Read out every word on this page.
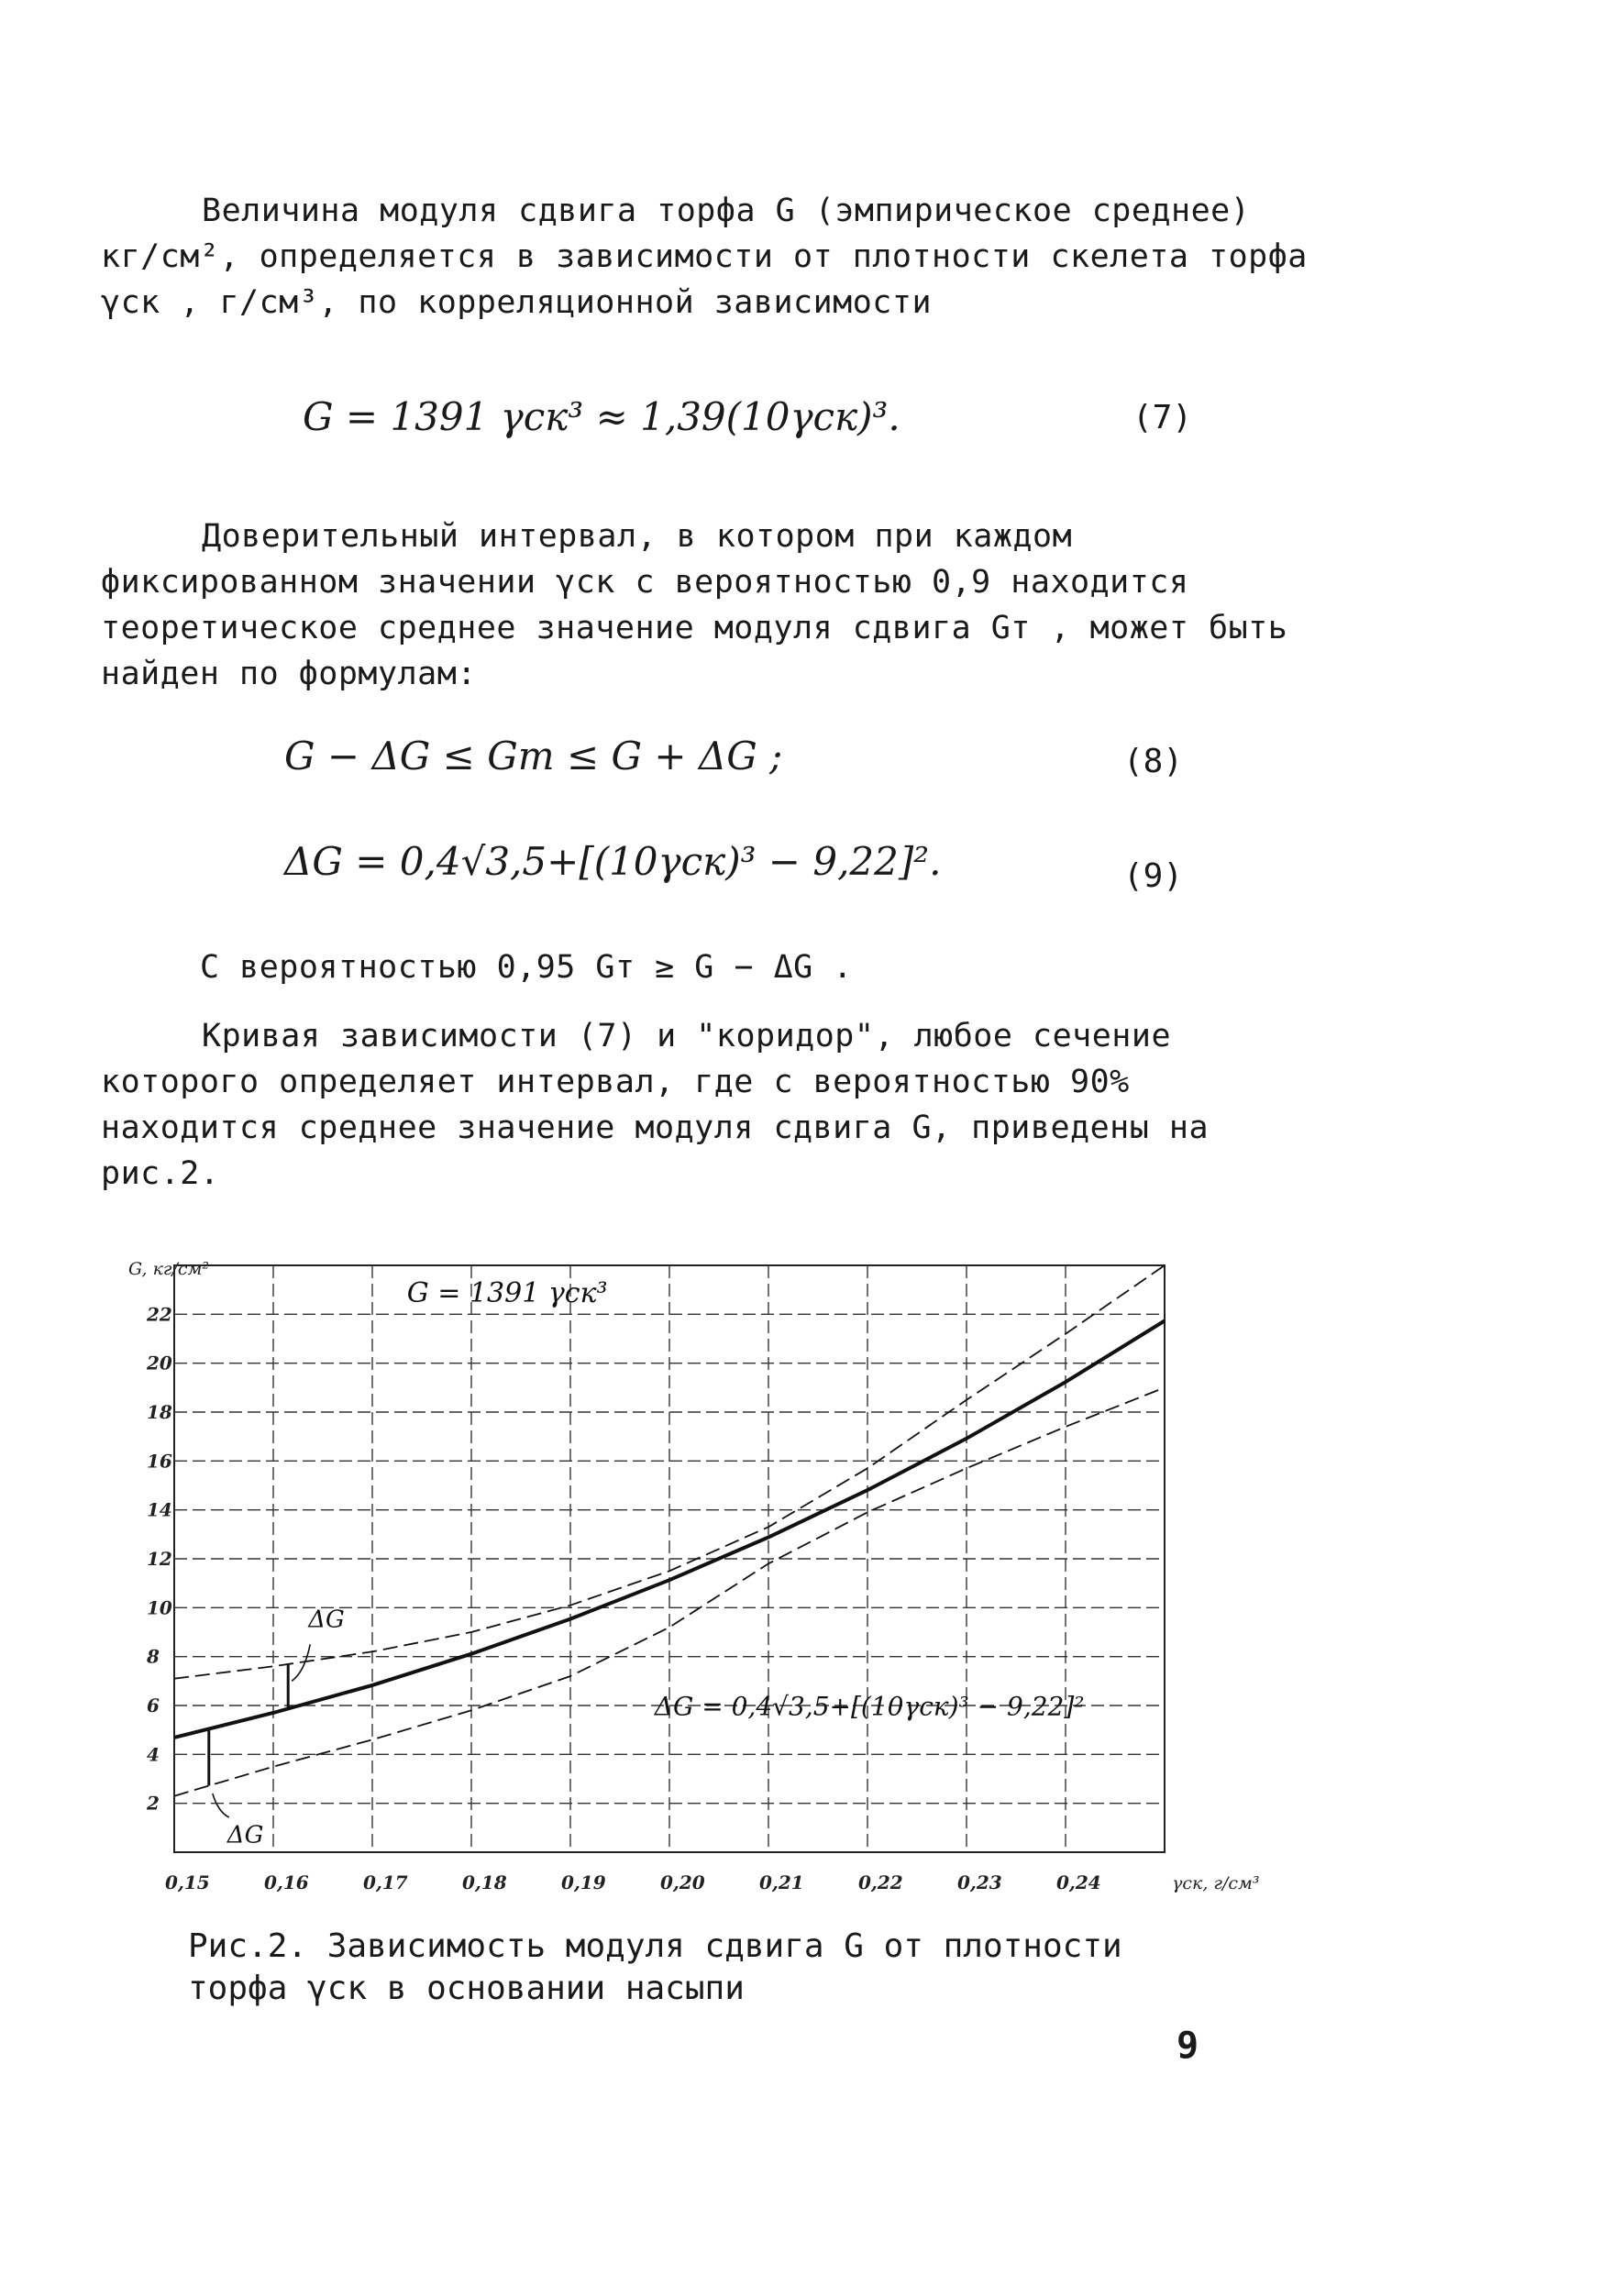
Величина модуля сдвига торфа G (эмпирическое среднее) кг/см², определяется в зависимости от плотности скелета торфа γск , г/см³, по корреляционной зависимости

G = 1391 γск³ ≈ 1,39(10γск)³.	(7)

Доверительный интервал, в котором при каждом фиксированном значении γск с вероятностью 0,9 находится теоретическое среднее значение модуля сдвига Gт , может быть найден по формулам:

G − ΔG ≤ Gт ≤ G + ΔG ;	(8)
ΔG = 0,4√3,5+[(10γск)³ − 9,22]².	(9)

С вероятностью 0,95 Gт ≥ G − ΔG .

Кривая зависимости (7) и "коридор", любое сечение которого определяет интервал, где с вероятностью 90% находится среднее значение модуля сдвига G, приведены на рис.2.

0,15	0,16	0,17	0,18	0,19	0,20	0,21	0,22	0,23	0,24
2
4
6
8
10
12
14
16
18
20
22
G, кг/см²
γск, г/см³
G = 1391 γск³
ΔG = 0,4√3,5+[(10γск)³ − 9,22]²
ΔG
ΔG

Рис.2. Зависимость модуля сдвига G от плотности торфа γск в основании насыпи

9
